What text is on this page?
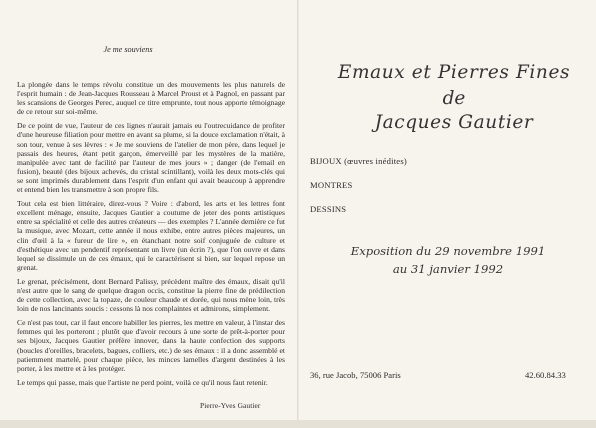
Je me souviens

La plongée dans le temps révolu constitue un des mouvements les plus naturels de l'esprit humain : de Jean-Jacques Rousseau à Marcel Proust et à Pagnol, en passant par les scansions de Georges Perec, auquel ce titre emprunte, tout nous apporte témoignage de ce retour sur soi-même.

De ce point de vue, l'auteur de ces lignes n'aurait jamais eu l'outrecuidance de profiter d'une heureuse filiation pour mettre en avant sa plume, si la douce exclamation n'était, à son tour, venue à ses lèvres : « Je me souviens de l'atelier de mon père, dans lequel je passais des heures, étant petit garçon, émerveillé par les mystères de la matière, manipulée avec tant de facilité par l'auteur de mes jours » ; danger (de l'email en fusion), beauté (des bijoux achevés, du cristal scintillant), voilà les deux mots-clés qui se sont imprimés durablement dans l'esprit d'un enfant qui avait beaucoup à apprendre et entend bien les transmettre à son propre fils.

Tout cela est bien littéraire, direz-vous ? Voire : d'abord, les arts et les lettres font excellent ménage, ensuite, Jacques Gautier a coutume de jeter des ponts artistiques entre sa spécialité et celle des autres créateurs — des exemples ? L'année dernière ce fut la musique, avec Mozart, cette année il nous exhibe, entre autres pièces majeures, un clin d'œil à la « fureur de lire », en étanchant notre soif conjuguée de culture et d'esthétique avec un pendentif représentant un livre (un écrin ?), que l'on ouvre et dans lequel se dissimule un de ces émaux, qui le caractérisent si bien, sur lequel repose un grenat.

Le grenat, précisément, dont Bernard Palissy, précèdent maître des émaux, disait qu'il n'est autre que le sang de quelque dragon occis, constitue la pierre fine de prédilection de cette collection, avec la topaze, de couleur chaude et dorée, qui nous mène loin, très loin de nos lancinants soucis : cessons là nos complaintes et admirons, simplement.

Ce n'est pas tout, car il faut encore habiller les pierres, les mettre en valeur, à l'instar des femmes qui les porteront ; plutôt que d'avoir recours à une sorte de prêt-à-porter pour ses bijoux, Jacques Gautier préfère innover, dans la haute confection des supports (boucles d'oreilles, bracelets, bagues, colliers, etc.) de ses émaux : il a donc assemblé et patiemment martelé, pour chaque pièce, les minces lamelles d'argent destinées à les porter, à les mettre et à les protéger.

Le temps qui passe, mais que l'artiste ne perd point, voilà ce qu'il nous faut retenir.

Pierre-Yves Gautier
Emaux et Pierres Fines
de
Jacques Gautier
BIJOUX (œuvres inédites)
MONTRES
DESSINS
Exposition du 29 novembre 1991
au 31 janvier 1992
36, rue Jacob, 75006 Paris	42.60.84.33
